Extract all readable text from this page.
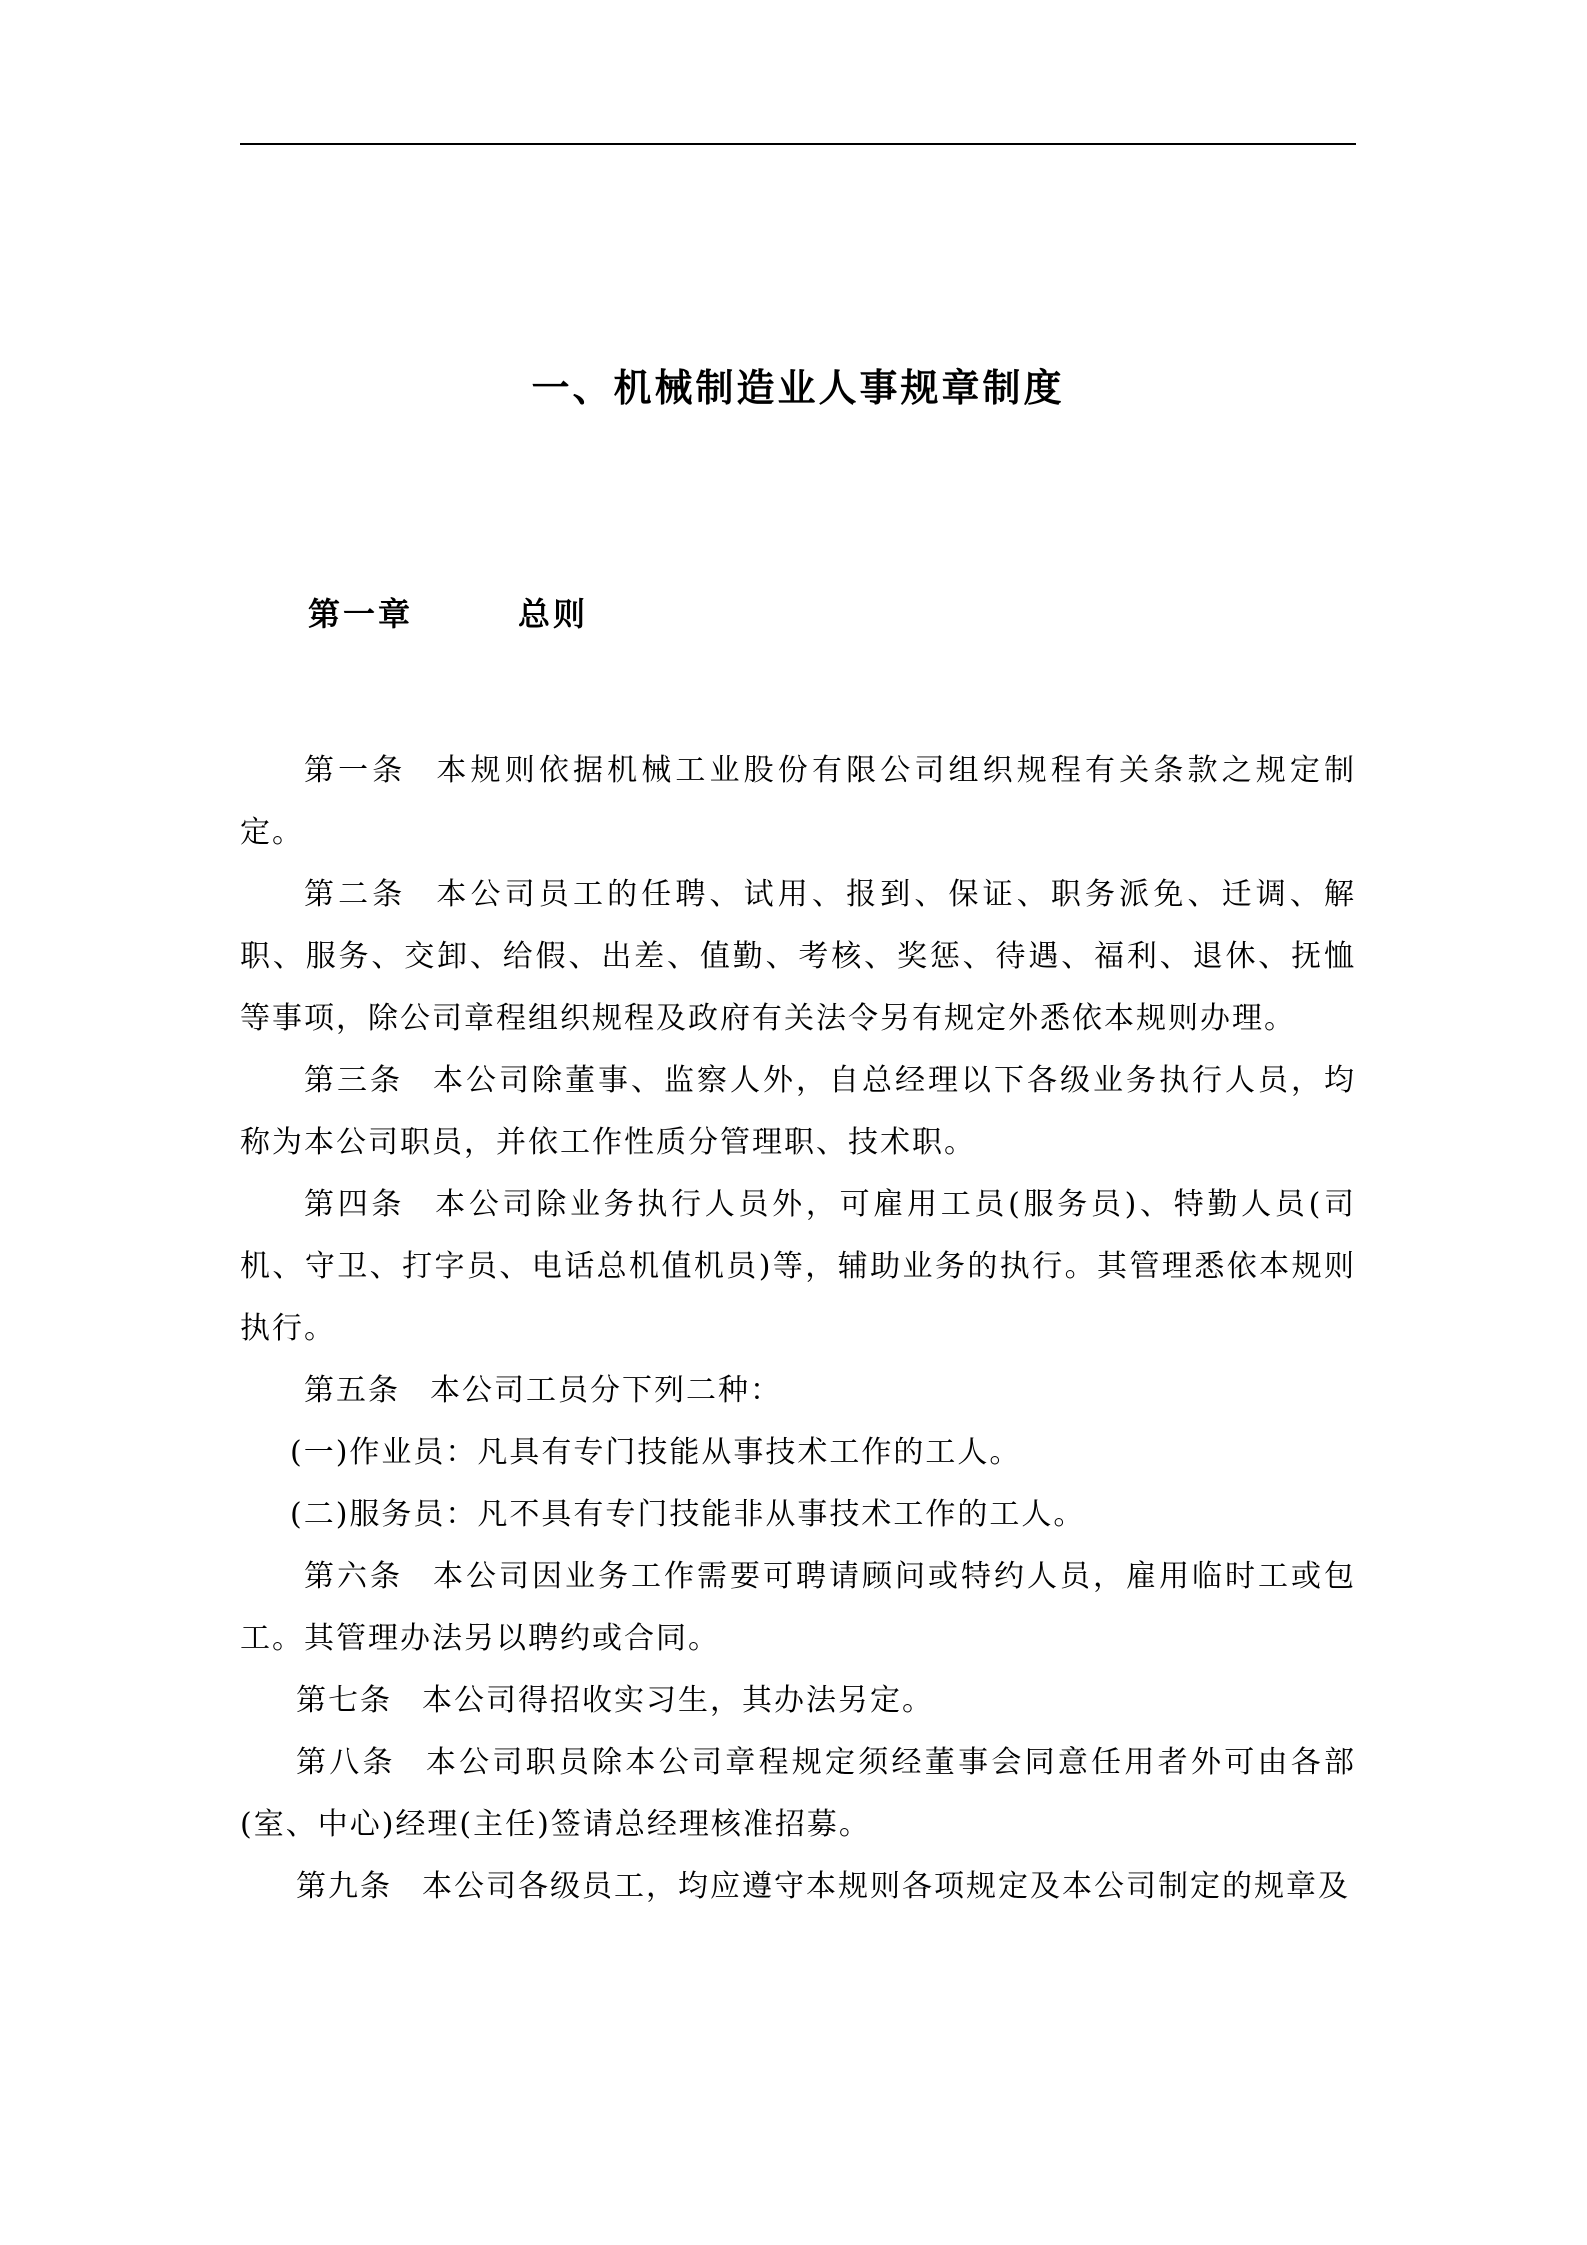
一、机械制造业人事规章制度
第一章	总则

第一条 本规则依据机械工业股份有限公司组织规程有关条款之规定制定。

第二条 本公司员工的任聘、试用、报到、保证、职务派免、迁调、解职、服务、交卸、给假、出差、值勤、考核、奖惩、待遇、福利、退休、抚恤等事项，除公司章程组织规程及政府有关法令另有规定外悉依本规则办理。

第三条 本公司除董事、监察人外，自总经理以下各级业务执行人员，均称为本公司职员，并依工作性质分管理职、技术职。

第四条 本公司除业务执行人员外，可雇用工员(服务员)、特勤人员(司机、守卫、打字员、电话总机值机员)等，辅助业务的执行。其管理悉依本规则执行。

第五条 本公司工员分下列二种：

(一)作业员：凡具有专门技能从事技术工作的工人。

(二)服务员：凡不具有专门技能非从事技术工作的工人。

第六条 本公司因业务工作需要可聘请顾问或特约人员，雇用临时工或包工。其管理办法另以聘约或合同。

第七条 本公司得招收实习生，其办法另定。

第八条 本公司职员除本公司章程规定须经董事会同意任用者外可由各部(室、中心)经理(主任)签请总经理核准招募。

第九条 本公司各级员工，均应遵守本规则各项规定及本公司制定的规章及
